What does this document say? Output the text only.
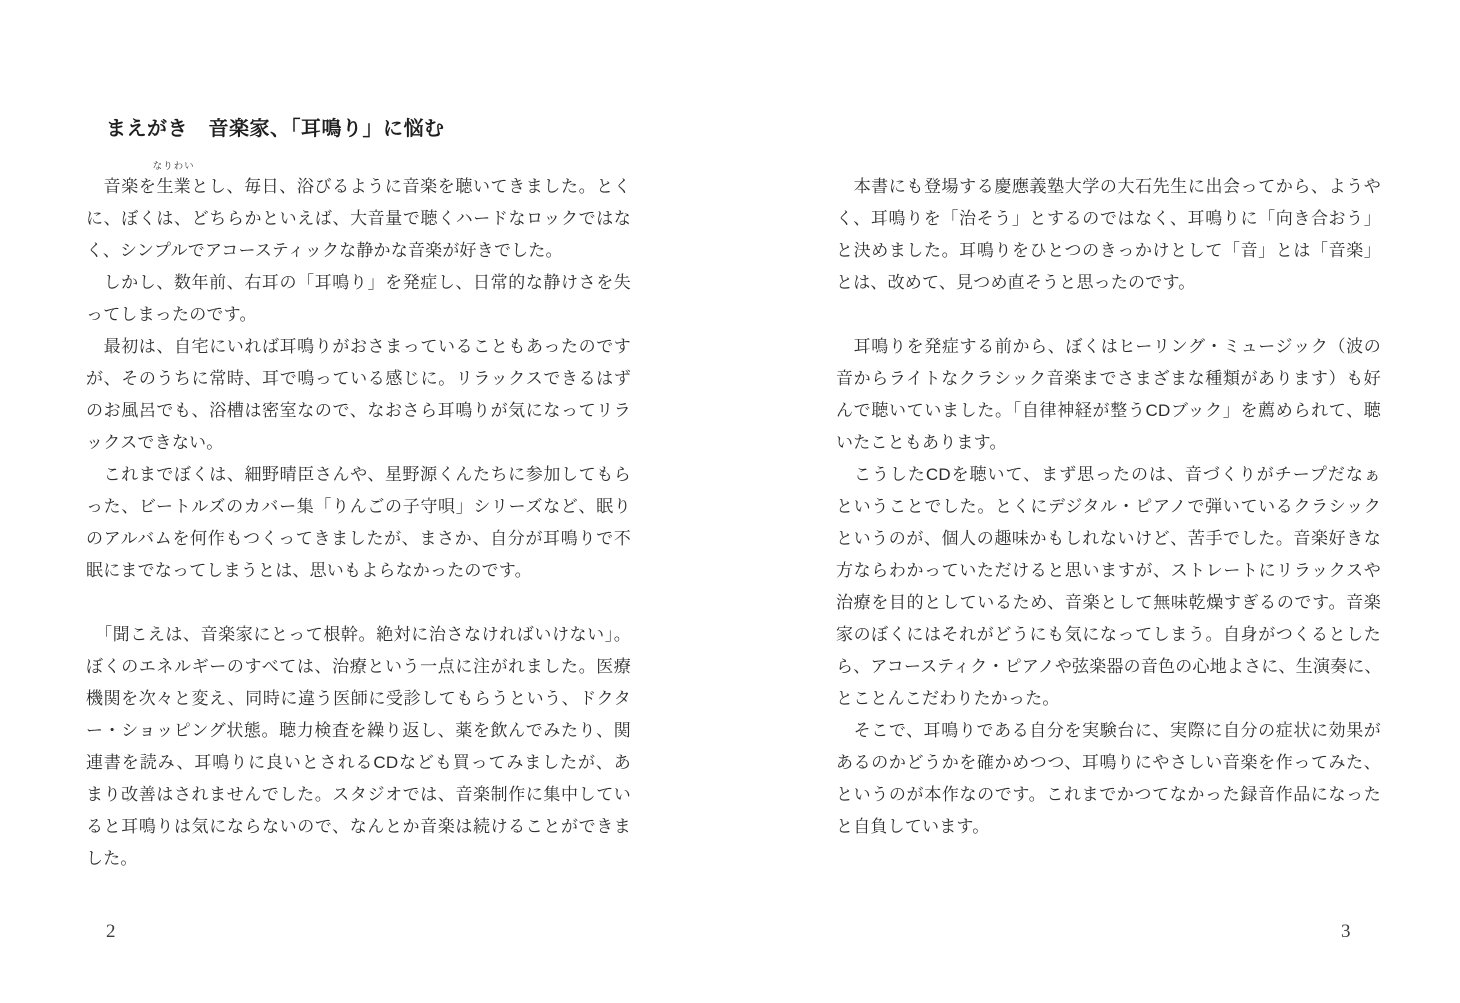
まえがき　音楽家、「耳鳴り」に悩む
　音楽を生業
なりわい
とし、毎日、浴びるように音楽を聴いてきました。とく
に、ぼくは、どちらかといえば、大音量で聴くハードなロックではな
く、シンプルでアコースティックな静かな音楽が好きでした。
　しかし、数年前、右耳の「耳鳴り」を発症し、日常的な静けさを失
ってしまったのです。
　最初は、自宅にいれば耳鳴りがおさまっていることもあったのです
が、そのうちに常時、耳で鳴っている感じに。リラックスできるはず
のお風呂でも、浴槽は密室なので、なおさら耳鳴りが気になってリラ
ックスできない。
　これまでぼくは、細野晴臣さんや、星野源くんたちに参加してもら
った、ビートルズのカバー集「りんごの子守唄」シリーズなど、眠り
のアルバムを何作もつくってきましたが、まさか、自分が耳鳴りで不
眠にまでなってしまうとは、思いもよらなかったのです。
　「聞こえは、音楽家にとって根幹。絶対に治さなければいけない」。
ぼくのエネルギーのすべては、治療という一点に注がれました。医療
機関を次々と変え、同時に違う医師に受診してもらうという、ドクタ
ー・ショッピング状態。聴力検査を繰り返し、薬を飲んでみたり、関
連書を読み、耳鳴りに良いとされるCDなども買ってみましたが、あ
まり改善はされませんでした。スタジオでは、音楽制作に集中してい
ると耳鳴りは気にならないので、なんとか音楽は続けることができま
した。
2
　本書にも登場する慶應義塾大学の大石先生に出会ってから、ようや
く、耳鳴りを「治そう」とするのではなく、耳鳴りに「向き合おう」
と決めました。耳鳴りをひとつのきっかけとして「音」とは「音楽」
とは、改めて、見つめ直そうと思ったのです。
　耳鳴りを発症する前から、ぼくはヒーリング・ミュージック（波の
音からライトなクラシック音楽までさまざまな種類があります）も好
んで聴いていました。「自律神経が整うCDブック」を薦められて、聴
いたこともあります。
　こうしたCDを聴いて、まず思ったのは、音づくりがチープだなぁ
ということでした。とくにデジタル・ピアノで弾いているクラシック
というのが、個人の趣味かもしれないけど、苦手でした。音楽好きな
方ならわかっていただけると思いますが、ストレートにリラックスや
治療を目的としているため、音楽として無味乾燥すぎるのです。音楽
家のぼくにはそれがどうにも気になってしまう。自身がつくるとした
ら、アコースティク・ピアノや弦楽器の音色の心地よさに、生演奏に、
とことんこだわりたかった。
　そこで、耳鳴りである自分を実験台に、実際に自分の症状に効果が
あるのかどうかを確かめつつ、耳鳴りにやさしい音楽を作ってみた、
というのが本作なのです。これまでかつてなかった録音作品になった
と自負しています。
3
